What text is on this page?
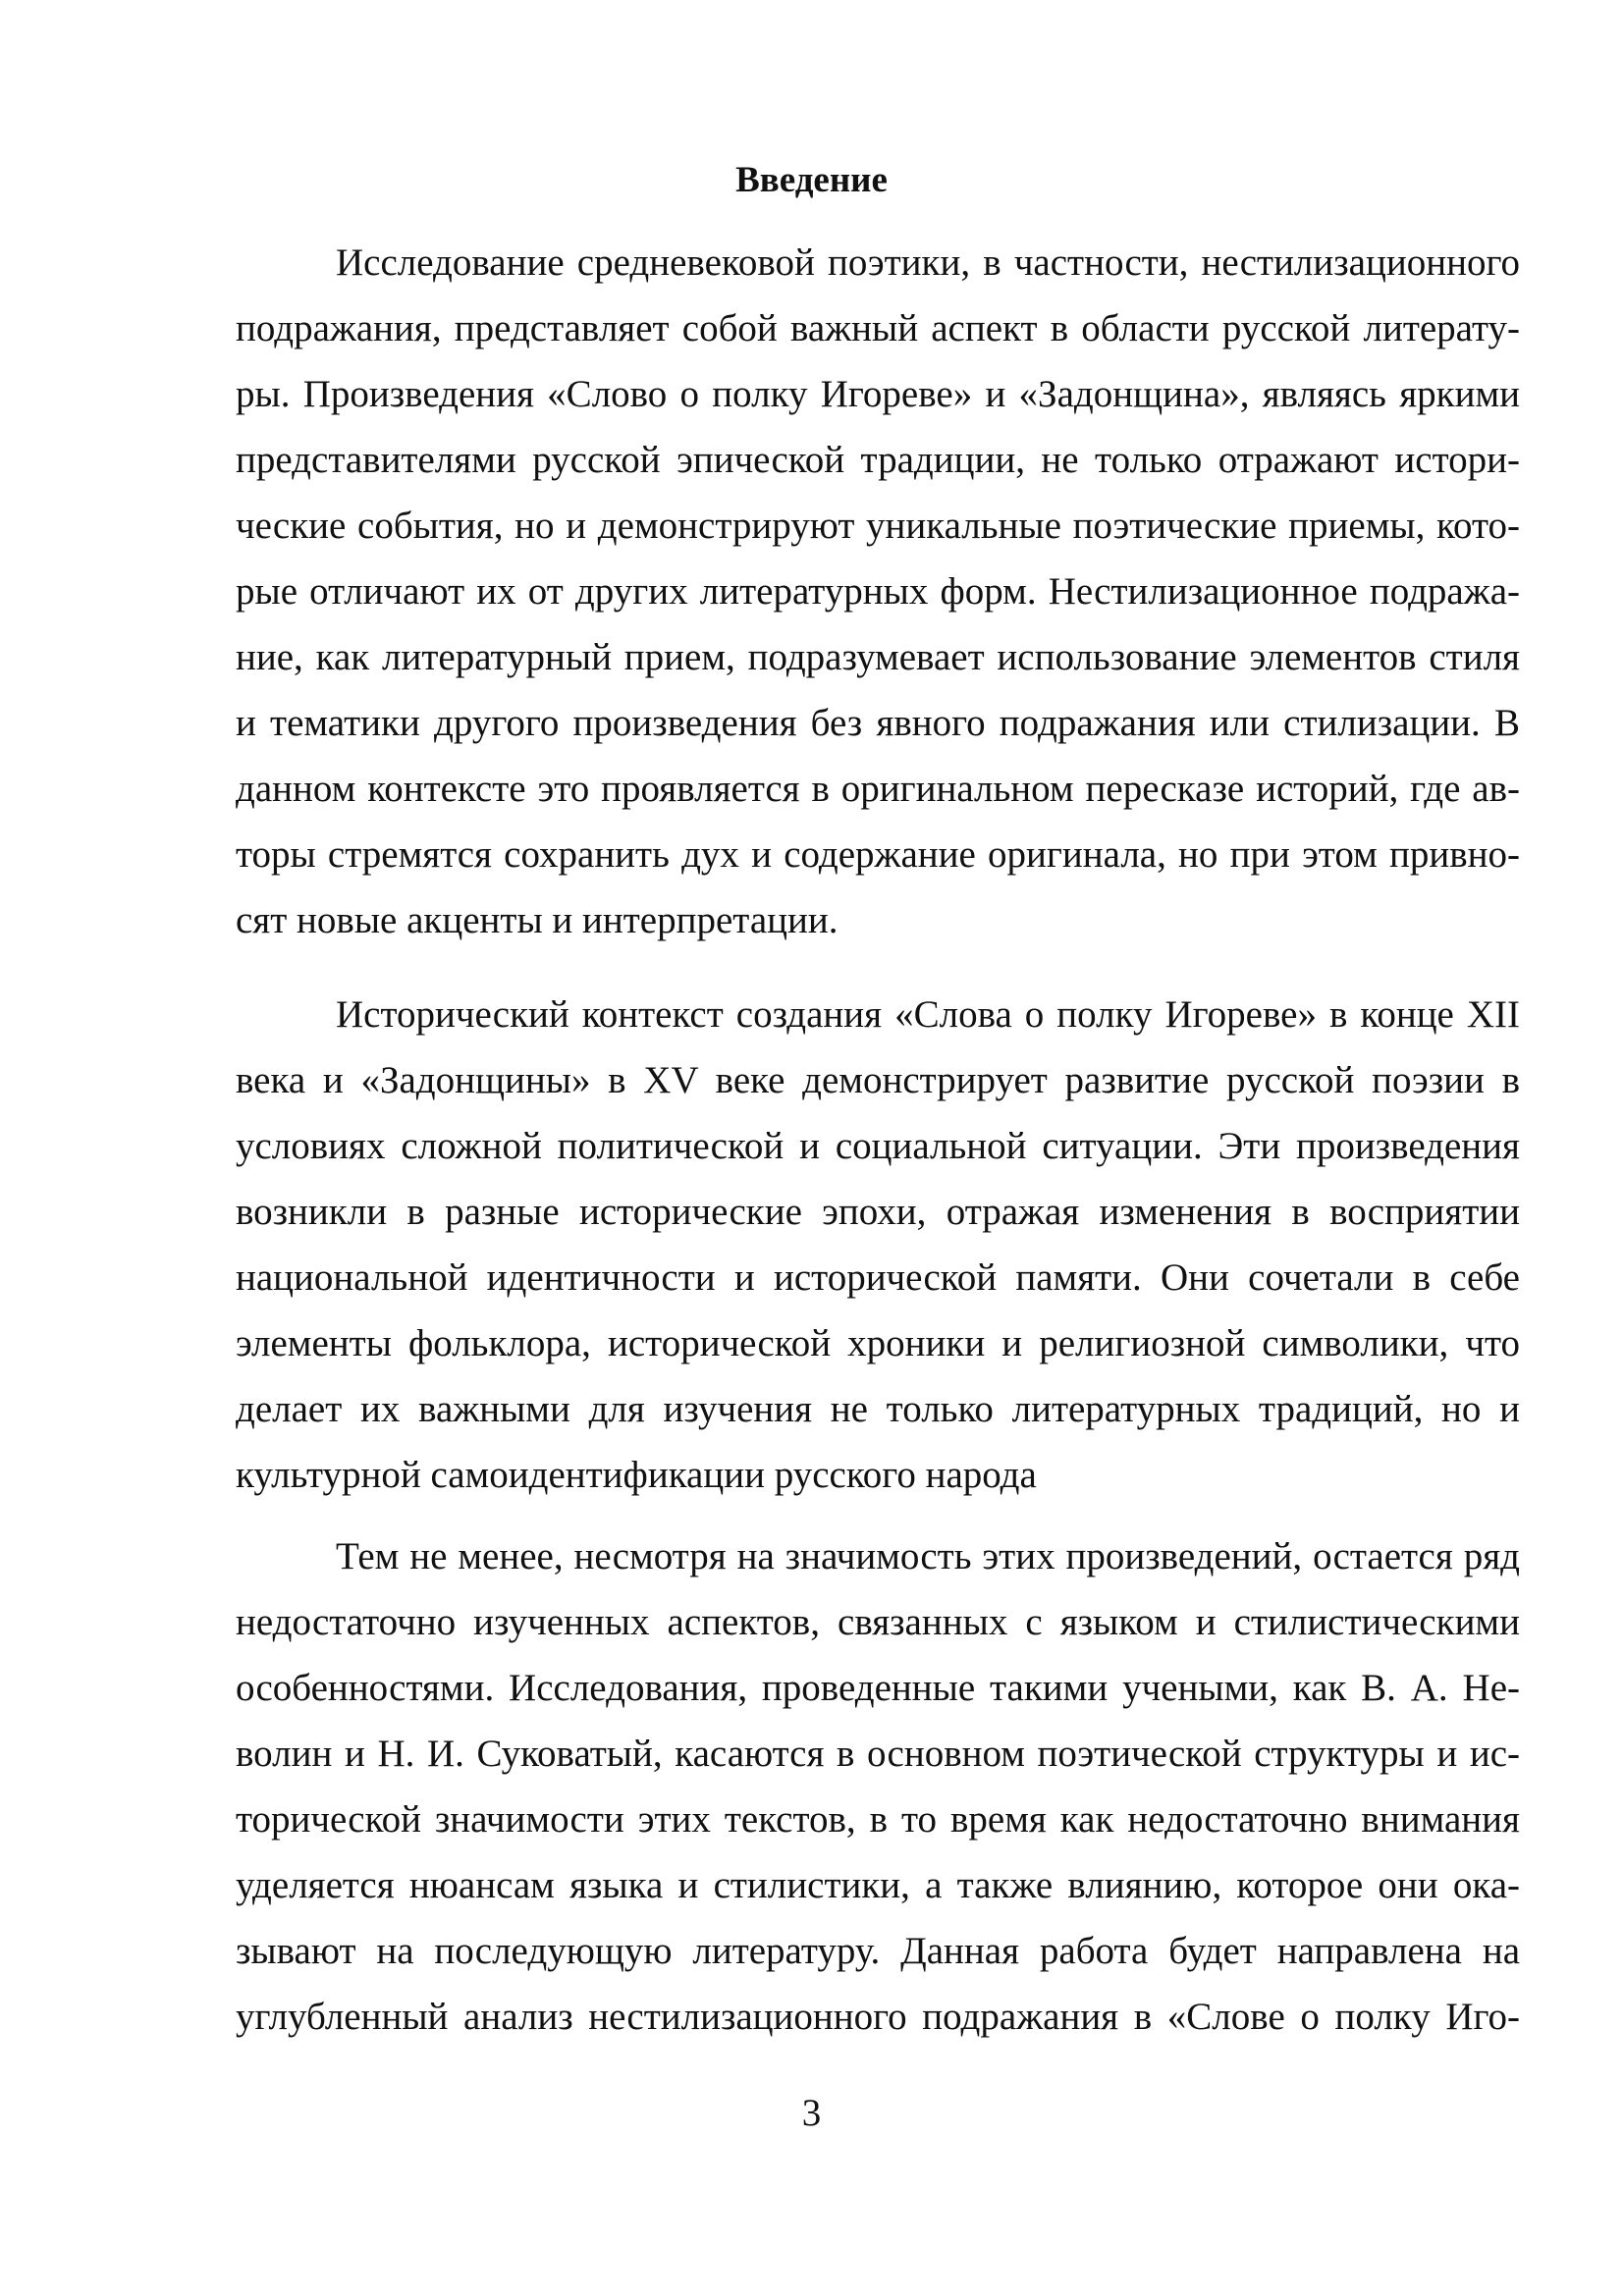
Введение
Исследование средневековой поэтики, в частности, нестилизационного
подражания, представляет собой важный аспект в области русской литерату-
ры. Произведения «Слово о полку Игореве» и «Задонщина», являясь яркими
представителями русской эпической традиции, не только отражают истори-
ческие события, но и демонстрируют уникальные поэтические приемы, кото-
рые отличают их от других литературных форм. Нестилизационное подража-
ние, как литературный прием, подразумевает использование элементов стиля
и тематики другого произведения без явного подражания или стилизации. В
данном контексте это проявляется в оригинальном пересказе историй, где ав-
торы стремятся сохранить дух и содержание оригинала, но при этом привно-
сят новые акценты и интерпретации.
Исторический контекст создания «Слова о полку Игореве» в конце XII
века и «Задонщины» в XV веке демонстрирует развитие русской поэзии в
условиях сложной политической и социальной ситуации. Эти произведения
возникли в разные исторические эпохи, отражая изменения в восприятии
национальной идентичности и исторической памяти. Они сочетали в себе
элементы фольклора, исторической хроники и религиозной символики, что
делает их важными для изучения не только литературных традиций, но и
культурной самоидентификации русского народа
Тем не менее, несмотря на значимость этих произведений, остается ряд
недостаточно изученных аспектов, связанных с языком и стилистическими
особенностями. Исследования, проведенные такими учеными, как В. А. Не-
волин и Н. И. Суковатый, касаются в основном поэтической структуры и ис-
торической значимости этих текстов, в то время как недостаточно внимания
уделяется нюансам языка и стилистики, а также влиянию, которое они ока-
зывают на последующую литературу. Данная работа будет направлена на
углубленный анализ нестилизационного подражания в «Слове о полку Иго-
3
